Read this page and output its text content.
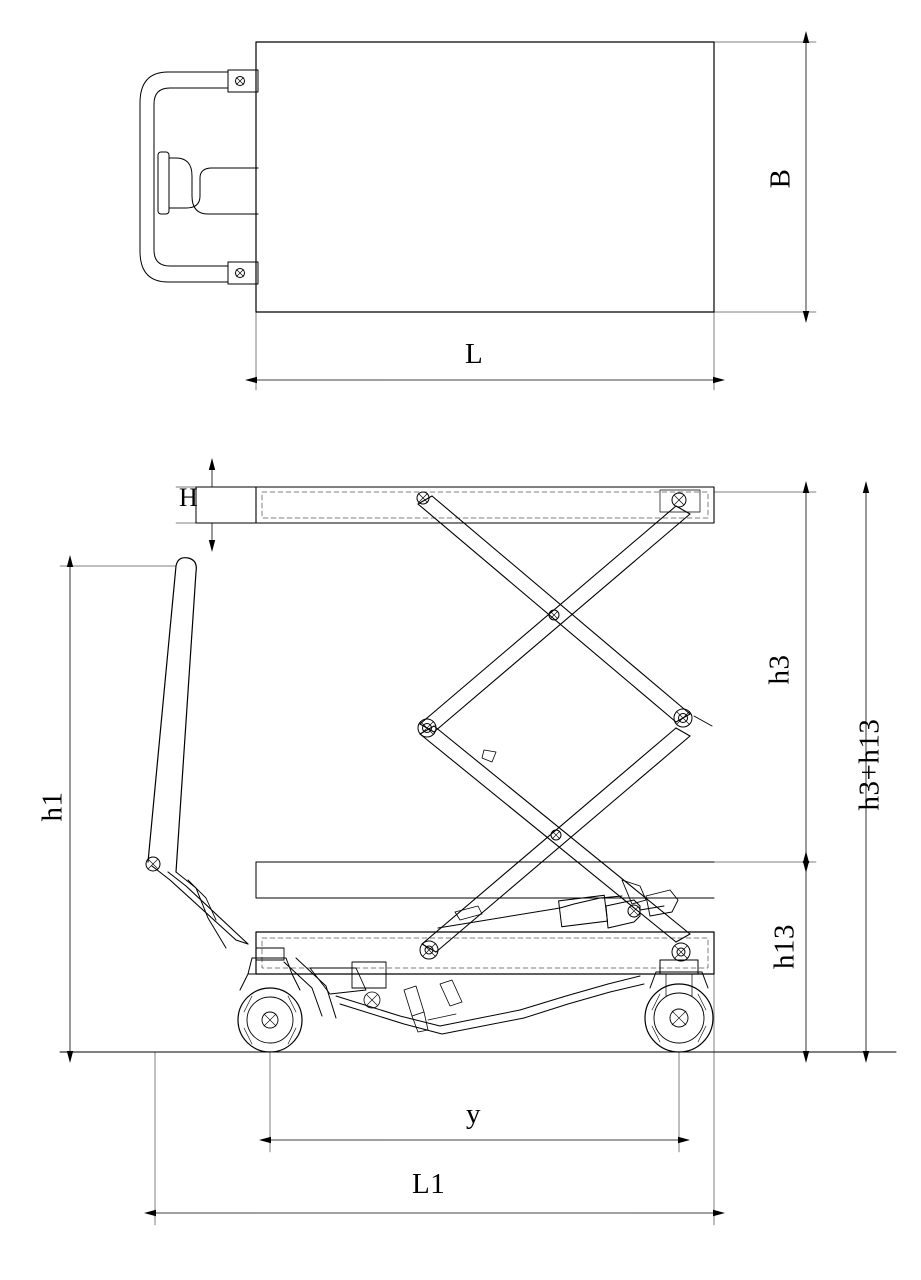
B
L
H
h3
h13
h3+h13
h1
y
L1
